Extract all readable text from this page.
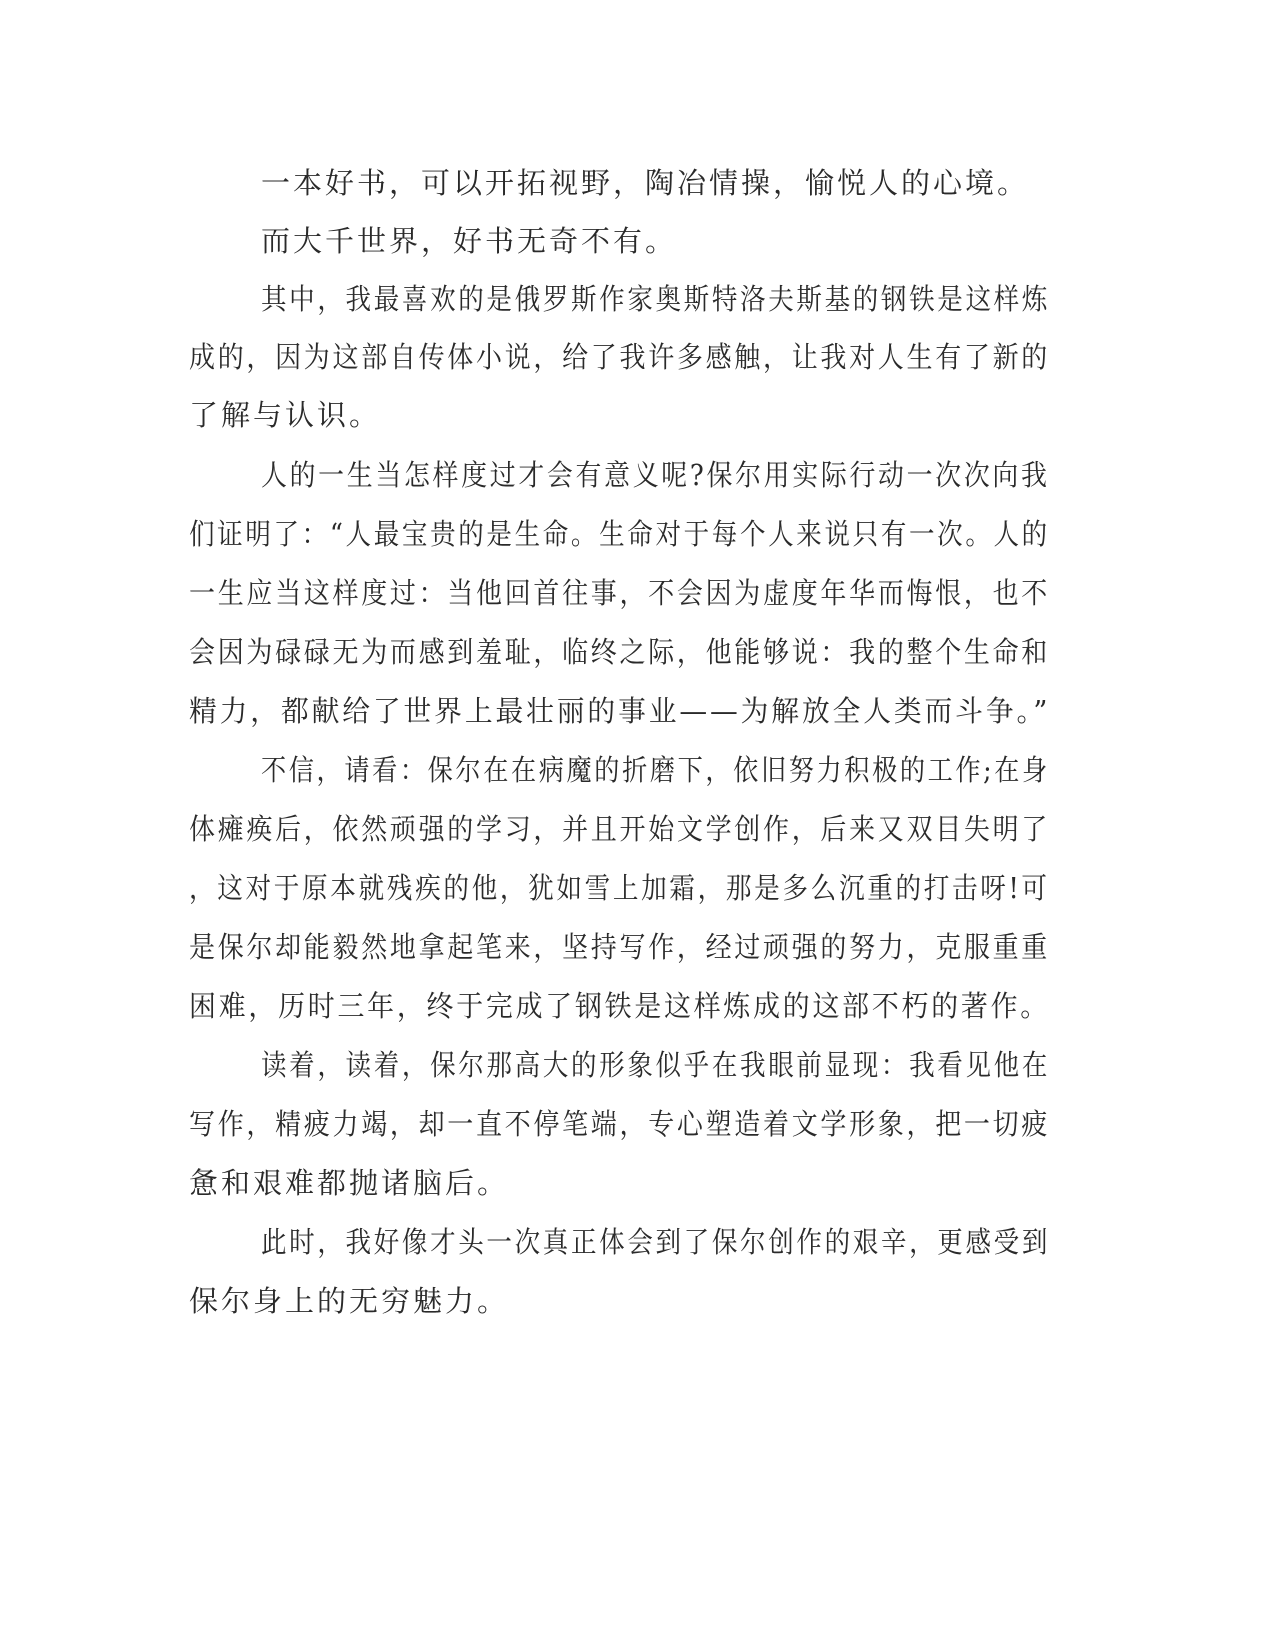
一本好书，可以开拓视野，陶冶情操，愉悦人的心境。
而大千世界，好书无奇不有。
其中，我最喜欢的是俄罗斯作家奥斯特洛夫斯基的钢铁是这样炼
成的，因为这部自传体小说，给了我许多感触，让我对人生有了新的
了解与认识。
人的一生当怎样度过才会有意义呢?保尔用实际行动一次次向我
们证明了：“人最宝贵的是生命。生命对于每个人来说只有一次。人的
一生应当这样度过：当他回首往事，不会因为虚度年华而悔恨，也不
会因为碌碌无为而感到羞耻，临终之际，他能够说：我的整个生命和
精力，都献给了世界上最壮丽的事业——为解放全人类而斗争。”
不信，请看：保尔在在病魔的折磨下，依旧努力积极的工作;在身
体瘫痪后，依然顽强的学习，并且开始文学创作，后来又双目失明了
，这对于原本就残疾的他，犹如雪上加霜，那是多么沉重的打击呀!可
是保尔却能毅然地拿起笔来，坚持写作，经过顽强的努力，克服重重
困难，历时三年，终于完成了钢铁是这样炼成的这部不朽的著作。
读着，读着，保尔那高大的形象似乎在我眼前显现：我看见他在
写作，精疲力竭，却一直不停笔端，专心塑造着文学形象，把一切疲
惫和艰难都抛诸脑后。
此时，我好像才头一次真正体会到了保尔创作的艰辛，更感受到
保尔身上的无穷魅力。
